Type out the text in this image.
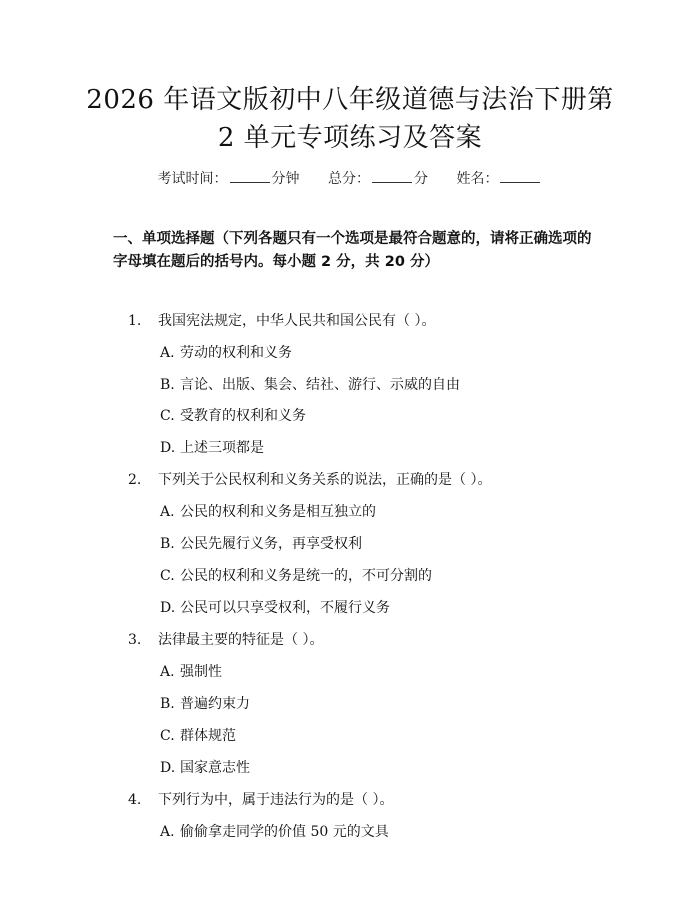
2026 年语文版初中八年级道德与法治下册第
2 单元专项练习及答案
考试时间：	分钟 总分：	分 姓名：
一、单项选择题（下列各题只有一个选项是最符合题意的，请将正确选项的字母填在题后的括号内。每小题 2 分，共 20 分）
1. 我国宪法规定，中华人民共和国公民有（ ）。
A. 劳动的权利和义务
B. 言论、出版、集会、结社、游行、示威的自由
C. 受教育的权利和义务
D. 上述三项都是
2. 下列关于公民权利和义务关系的说法，正确的是（ ）。
A. 公民的权利和义务是相互独立的
B. 公民先履行义务，再享受权利
C. 公民的权利和义务是统一的，不可分割的
D. 公民可以只享受权利，不履行义务
3. 法律最主要的特征是（ ）。
A. 强制性
B. 普遍约束力
C. 群体规范
D. 国家意志性
4. 下列行为中，属于违法行为的是（ ）。
A. 偷偷拿走同学的价值 50 元的文具
